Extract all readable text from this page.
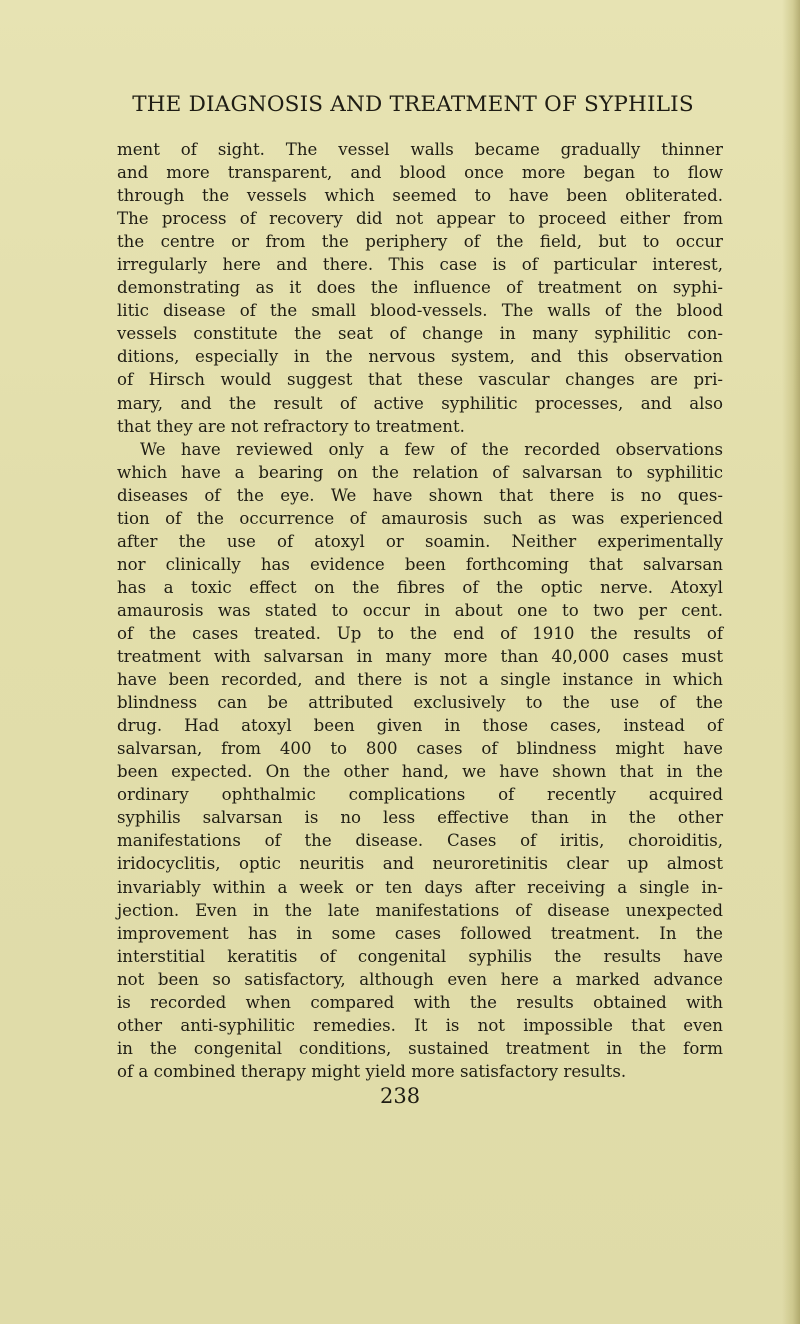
THE DIAGNOSIS AND TREATMENT OF SYPHILIS
ment of sight. The vessel walls became gradually thinner
and more transparent, and blood once more began to flow
through the vessels which seemed to have been obliterated.
The process of recovery did not appear to proceed either from
the centre or from the periphery of the field, but to occur
irregularly here and there. This case is of particular interest,
demonstrating as it does the influence of treatment on syphi-
litic disease of the small blood-vessels. The walls of the blood
vessels constitute the seat of change in many syphilitic con-
ditions, especially in the nervous system, and this observation
of Hirsch would suggest that these vascular changes are pri-
mary, and the result of active syphilitic processes, and also
that they are not refractory to treatment.
We have reviewed only a few of the recorded observations
which have a bearing on the relation of salvarsan to syphilitic
diseases of the eye. We have shown that there is no ques-
tion of the occurrence of amaurosis such as was experienced
after the use of atoxyl or soamin. Neither experimentally
nor clinically has evidence been forthcoming that salvarsan
has a toxic effect on the fibres of the optic nerve. Atoxyl
amaurosis was stated to occur in about one to two per cent.
of the cases treated. Up to the end of 1910 the results of
treatment with salvarsan in many more than 40,000 cases must
have been recorded, and there is not a single instance in which
blindness can be attributed exclusively to the use of the
drug. Had atoxyl been given in those cases, instead of
salvarsan, from 400 to 800 cases of blindness might have
been expected. On the other hand, we have shown that in the
ordinary ophthalmic complications of recently acquired
syphilis salvarsan is no less effective than in the other
manifestations of the disease. Cases of iritis, choroiditis,
iridocyclitis, optic neuritis and neuroretinitis clear up almost
invariably within a week or ten days after receiving a single in-
jection. Even in the late manifestations of disease unexpected
improvement has in some cases followed treatment. In the
interstitial keratitis of congenital syphilis the results have
not been so satisfactory, although even here a marked advance
is recorded when compared with the results obtained with
other anti-syphilitic remedies. It is not impossible that even
in the congenital conditions, sustained treatment in the form
of a combined therapy might yield more satisfactory results.
238
